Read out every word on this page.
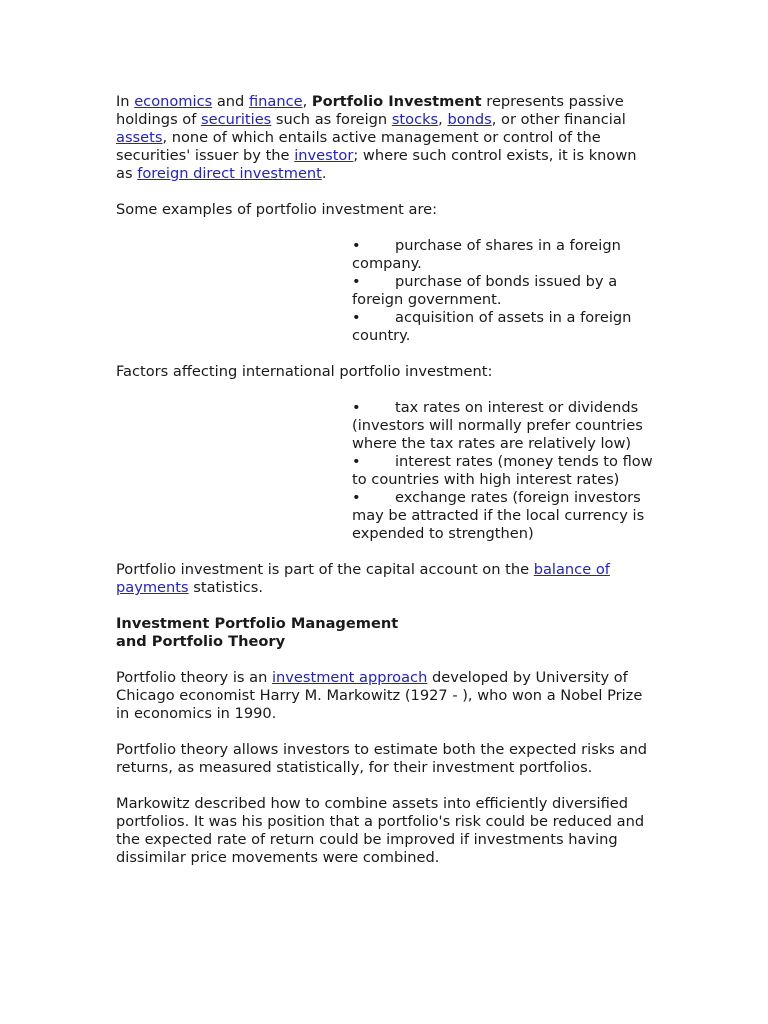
In economics and finance, Portfolio Investment represents passive holdings of securities such as foreign stocks, bonds, or other financial assets, none of which entails active management or control of the securities' issuer by the investor; where such control exists, it is known as foreign direct investment.

Some examples of portfolio investment are:

• purchase of shares in a foreign company.

• purchase of bonds issued by a foreign government.

• acquisition of assets in a foreign country.

Factors affecting international portfolio investment:

• tax rates on interest or dividends (investors will normally prefer countries where the tax rates are relatively low)

• interest rates (money tends to flow to countries with high interest rates)

• exchange rates (foreign investors may be attracted if the local currency is expended to strengthen)

Portfolio investment is part of the capital account on the balance of payments statistics.

Investment Portfolio Management
and Portfolio Theory

Portfolio theory is an investment approach developed by University of Chicago economist Harry M. Markowitz (1927 - ), who won a Nobel Prize in economics in 1990.

Portfolio theory allows investors to estimate both the expected risks and returns, as measured statistically, for their investment portfolios.

Markowitz described how to combine assets into efficiently diversified portfolios. It was his position that a portfolio's risk could be reduced and the expected rate of return could be improved if investments having dissimilar price movements were combined.
